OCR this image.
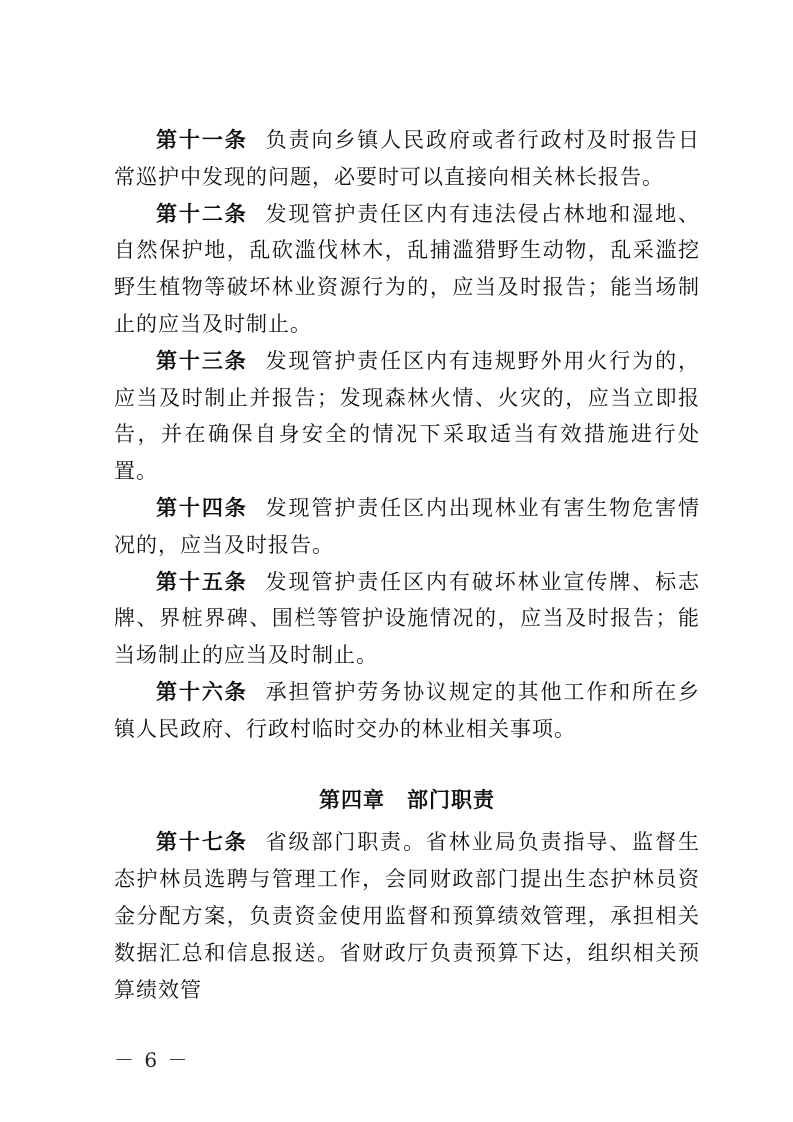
第十一条 负责向乡镇人民政府或者行政村及时报告日常巡护中发现的问题，必要时可以直接向相关林长报告。

第十二条 发现管护责任区内有违法侵占林地和湿地、自然保护地，乱砍滥伐林木，乱捕滥猎野生动物，乱采滥挖野生植物等破坏林业资源行为的，应当及时报告；能当场制止的应当及时制止。

第十三条 发现管护责任区内有违规野外用火行为的，应当及时制止并报告；发现森林火情、火灾的，应当立即报告，并在确保自身安全的情况下采取适当有效措施进行处置。

第十四条 发现管护责任区内出现林业有害生物危害情况的，应当及时报告。

第十五条 发现管护责任区内有破坏林业宣传牌、标志牌、界桩界碑、围栏等管护设施情况的，应当及时报告；能当场制止的应当及时制止。

第十六条 承担管护劳务协议规定的其他工作和所在乡镇人民政府、行政村临时交办的林业相关事项。

第四章　部门职责

第十七条 省级部门职责。省林业局负责指导、监督生态护林员选聘与管理工作，会同财政部门提出生态护林员资金分配方案，负责资金使用监督和预算绩效管理，承担相关数据汇总和信息报送。省财政厅负责预算下达，组织相关预算绩效管

－ 6 －
